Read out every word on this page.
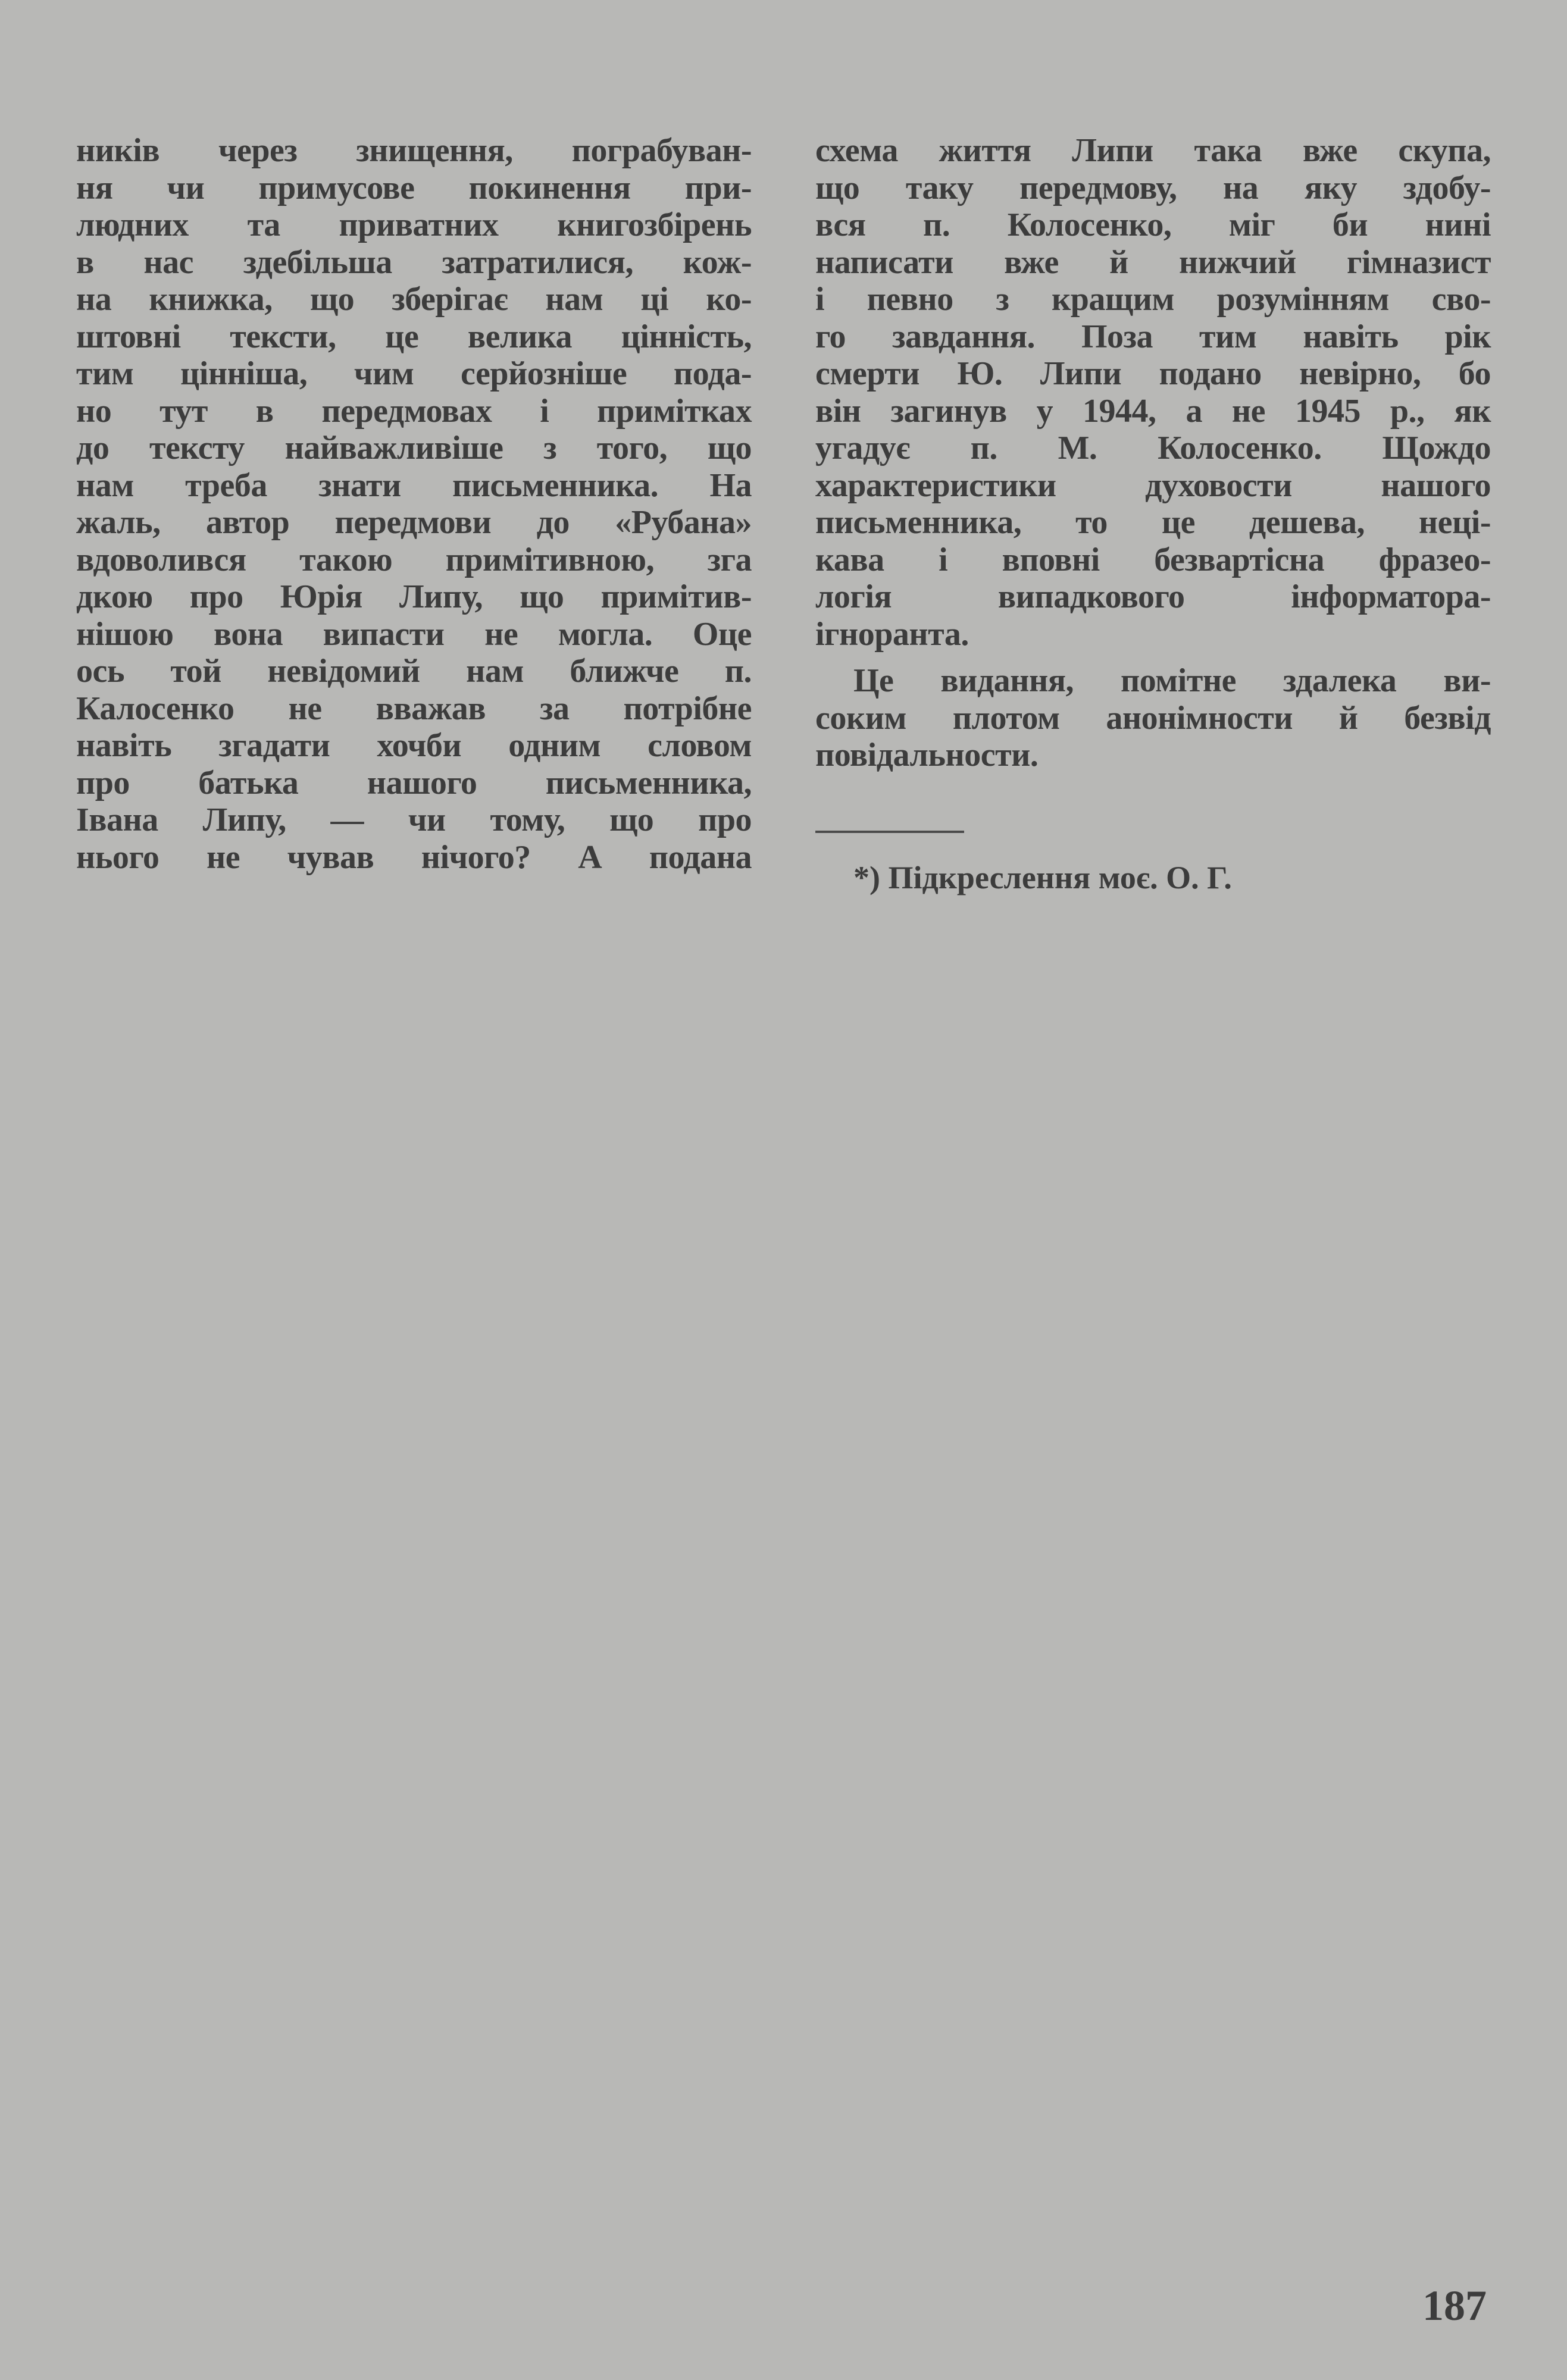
ників через знищення, пограбуван-
ня чи примусове покинення при-
людних та приватних книгозбірень
в нас здебільша затратилися, кож-
на книжка, що зберігає нам ці ко-
штовні тексти, це велика цінність,
тим цінніша, чим серйозніше пода-
но тут в передмовах і примітках
до тексту найважливіше з того, що
нам треба знати письменника. На
жаль, автор передмови до «Рубана»
вдоволився такою примітивною, зга
дкою про Юрія Липу, що примітив-
нішою вона випасти не могла. Оце
ось той невідомий нам ближче п.
Калосенко не вважав за потрібне
навіть згадати хочби одним словом
про батька нашого письменника,
Івана Липу, — чи тому, що про
нього не чував нічого? А подана
схема життя Липи така вже скупа,
що таку передмову, на яку здобу-
вся п. Колосенко, міг би нині
написати вже й нижчий гімназист
і певно з кращим розумінням сво-
го завдання. Поза тим навіть рік
смерти Ю. Липи подано невірно, бо
він загинув у 1944, а не 1945 р., як
угадує п. М. Колосенко. Щождо
характеристики духовости нашого
письменника, то це дешева, неці-
кава і вповні безвартісна фразео-
логія випадкового інформатора-
ігноранта.
Це видання, помітне здалека ви-
соким плотом анонімности й безвід
повідальности.
*) Підкреслення моє. О. Г.
187
